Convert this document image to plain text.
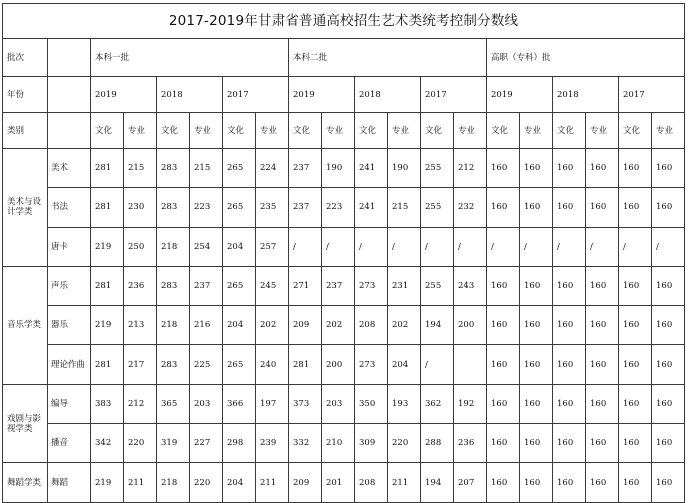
2017-2019年甘肃省普通高校招生艺术类统考控制分数线																			
批次		本科一批						本科二批						高职（专科）批					
年份		2019		2018		2017		2019		2018		2017		2019		2018		2017	
类别		文化	专业	文化	专业	文化	专业	文化	专业	文化	专业	文化	专业	文化	专业	文化	专业	文化	专业
美术与设计学类	美术	281	215	283	215	265	224	237	190	241	190	255	212	160	160	160	160	160	160
	书法	281	230	283	223	265	235	237	223	241	215	255	232	160	160	160	160	160	160
	唐卡	219	250	218	254	204	257	/	/	/	/	/	/	/	/	/	/	/	/
音乐学类	声乐	281	236	283	237	265	245	271	237	273	231	255	243	160	160	160	160	160	160
	器乐	219	213	218	216	204	202	209	202	208	202	194	200	160	160	160	160	160	160
	理论作曲	281	217	283	225	265	240	281	200	273	204	/		160	160	160	160	160	160
戏剧与影视学类	编导	383	212	365	203	366	197	373	203	350	193	362	192	160	160	160	160	160	160
	播音	342	220	319	227	298	239	332	210	309	220	288	236	160	160	160	160	160	160
舞蹈学类	舞蹈	219	211	218	220	204	211	209	201	208	211	194	207	160	160	160	160	160	160
